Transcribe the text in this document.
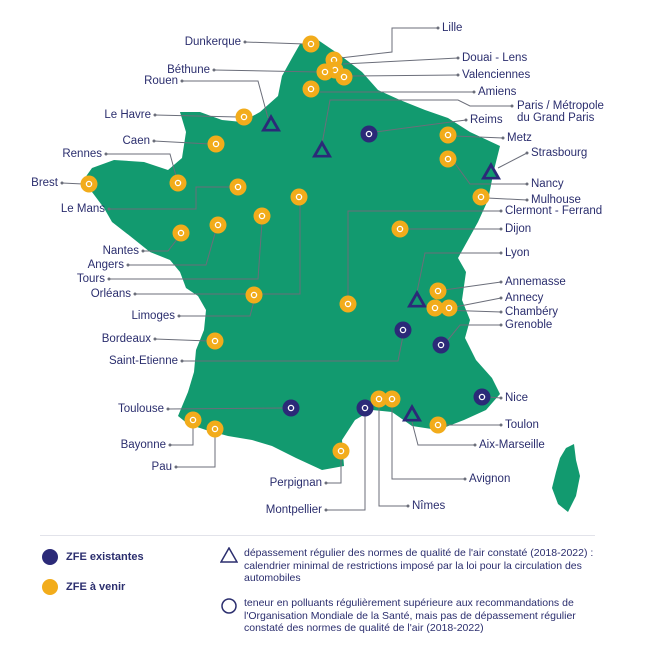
Dunkerque
Lille
Douai - Lens
Béthune	Valenciennes
Rouen
Amiens
Le Havre
Paris / Métropole du Grand Paris
Reims
Caen	Metz
Rennes	Strasbourg
Brest	Nancy
Mulhouse
Le Mans	Clermont - Ferrand
Dijon
Nantes
Angers
Lyon
Tours
Orléans
Annemasse
Annecy
Chambéry
Limoges
Grenoble
Bordeaux
Saint-Etienne
Nice
Toulouse
Toulon
Bayonne	Aix-Marseille
Pau
Perpignan	Avignon
Montpellier	Nîmes
ZFE existantes
ZFE à venir
dépassement régulier des normes de qualité de l'air constaté (2018-2022) : calendrier minimal de restrictions imposé par la loi pour la circulation des automobiles
teneur en polluants régulièrement supérieure aux recommandations de l'Organisation Mondiale de la Santé, mais pas de dépassement régulier constaté des normes de qualité de l'air (2018-2022)
